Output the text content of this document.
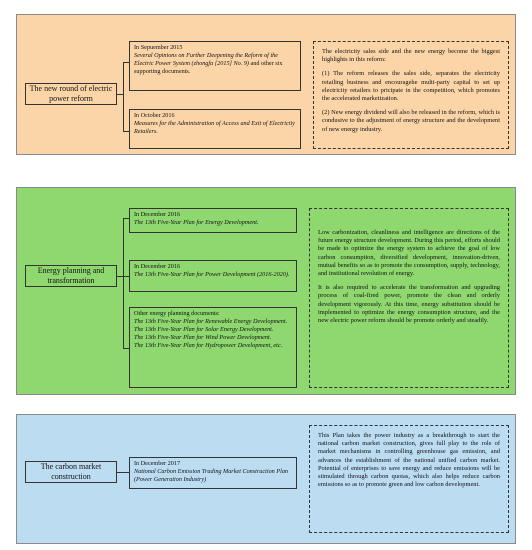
The new round of electric power reform
In Sepuember 2015
Several Opinions on Further Deepening the Reform of the Electric Power System (zhongfa [2015] No. 9) and other six supporting documents.
In October 2016
Measures for the Administration of Access and Exit of Electricity Retailers.

The electricity sales side and the new energy become the biggest highlights in this reform:

(1) The reform releases the sales side, separates the electricity retailing business and encouragehe multi-party capital to set up electricity retailers to pricipate in the competition, which promotes the accelerated marketization.

(2) New energy dividend will also be released in the reform, which is condusive to the adjustment of energy structure and the development of new energy industry.

Energy planning and transformation
In December 2016
The 13th Five-Year Plan for Energy Development.
In December 2016
The 13th Five-Year Plan for Power Development (2016-2020).
Other energy planning documents:
The 13th Five-Year Plan for Renewable Energy Development.
The 13th Five-Year Plan for Solar Energy Development.
The 13th Five-Year Plan for Wind Power Development.
The 13th Five-Year Plan for Hydropower Development, etc.

Low carbonization, cleanliness and intelligence are directions of the future energy structure development. During this period, efforts should be made to optimize the energy system to achieve the goal of low carbon consumption, diversified development, innovation-driven, mutual benefits so as to promote the consumption, supply, technology, and institutional revolution of energy.

It is also required to accelerate the transformation and upgrading process of coal-fired power, promote the clean and orderly development vigorously. At this time, energy substitution should be implemented to optimize the energy consumption structure, and the new electric power reform should be promote orderly and steadily.

The carbon market construction
In December 2017
National Carbon Emission Trading Market Construction Plan (Power Generation Industry)

This Plan takes the power industry as a breakthrough to start the national carbon market construction, gives full play to the role of market mechanisms in controlling greenhouse gas emission, and advances the establishment of the national unified carbon market. Potential of enterprises to save energy and reduce emissions will be stimulated through carbon quotas, which also helps reduce carbon emissions so as to promote green and low carbon development.
